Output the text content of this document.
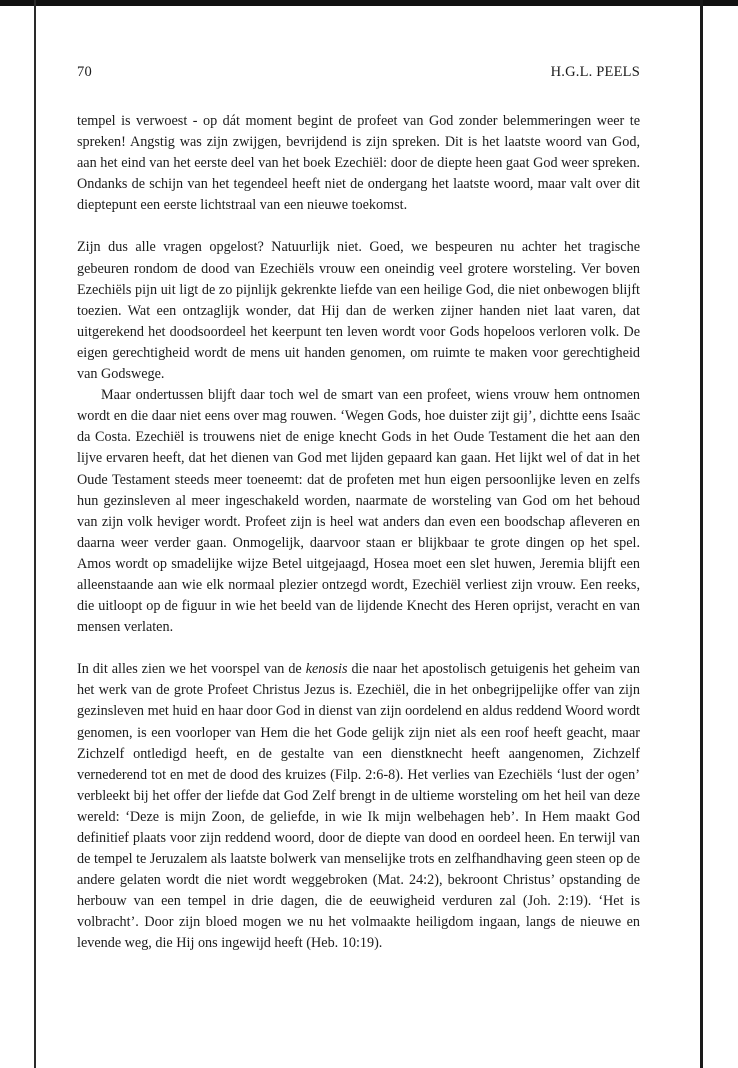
70	H.G.L. PEELS

tempel is verwoest - op dát moment begint de profeet van God zonder belemmeringen weer te spreken! Angstig was zijn zwijgen, bevrijdend is zijn spreken. Dit is het laatste woord van God, aan het eind van het eerste deel van het boek Ezechiël: door de diepte heen gaat God weer spreken. Ondanks de schijn van het tegendeel heeft niet de ondergang het laatste woord, maar valt over dit dieptepunt een eerste lichtstraal van een nieuwe toekomst.

Zijn dus alle vragen opgelost? Natuurlijk niet. Goed, we bespeuren nu achter het tragische gebeuren rondom de dood van Ezechiëls vrouw een oneindig veel grotere worsteling. Ver boven Ezechiëls pijn uit ligt de zo pijnlijk gekrenkte liefde van een heilige God, die niet onbewogen blijft toezien. Wat een ontzaglijk wonder, dat Hij dan de werken zijner handen niet laat varen, dat uitgerekend het doodsoordeel het keerpunt ten leven wordt voor Gods hopeloos verloren volk. De eigen gerechtigheid wordt de mens uit handen genomen, om ruimte te maken voor gerechtigheid van Godswege.

Maar ondertussen blijft daar toch wel de smart van een profeet, wiens vrouw hem ontnomen wordt en die daar niet eens over mag rouwen. ‘Wegen Gods, hoe duister zijt gij’, dichtte eens Isaäc da Costa. Ezechiël is trouwens niet de enige knecht Gods in het Oude Testament die het aan den lijve ervaren heeft, dat het dienen van God met lijden gepaard kan gaan. Het lijkt wel of dat in het Oude Testament steeds meer toeneemt: dat de profeten met hun eigen persoonlijke leven en zelfs hun gezinsleven al meer ingeschakeld worden, naarmate de worsteling van God om het behoud van zijn volk heviger wordt. Profeet zijn is heel wat anders dan even een boodschap afleveren en daarna weer verder gaan. Onmogelijk, daarvoor staan er blijkbaar te grote dingen op het spel. Amos wordt op smadelijke wijze Betel uitgejaagd, Hosea moet een slet huwen, Jeremia blijft een alleenstaande aan wie elk normaal plezier ontzegd wordt, Ezechiël verliest zijn vrouw. Een reeks, die uitloopt op de figuur in wie het beeld van de lijdende Knecht des Heren oprijst, veracht en van mensen verlaten.

In dit alles zien we het voorspel van de kenosis die naar het apostolisch getuigenis het geheim van het werk van de grote Profeet Christus Jezus is. Ezechiël, die in het onbegrijpelijke offer van zijn gezinsleven met huid en haar door God in dienst van zijn oordelend en aldus reddend Woord wordt genomen, is een voorloper van Hem die het Gode gelijk zijn niet als een roof heeft geacht, maar Zichzelf ontledigd heeft, en de gestalte van een dienstknecht heeft aangenomen, Zichzelf vernederend tot en met de dood des kruizes (Filp. 2:6-8). Het verlies van Ezechiëls ‘lust der ogen’ verbleekt bij het offer der liefde dat God Zelf brengt in de ultieme worsteling om het heil van deze wereld: ‘Deze is mijn Zoon, de geliefde, in wie Ik mijn welbehagen heb’. In Hem maakt God definitief plaats voor zijn reddend woord, door de diepte van dood en oordeel heen. En terwijl van de tempel te Jeruzalem als laatste bolwerk van menselijke trots en zelfhandhaving geen steen op de andere gelaten wordt die niet wordt weggebroken (Mat. 24:2), bekroont Christus’ opstanding de herbouw van een tempel in drie dagen, die de eeuwigheid verduren zal (Joh. 2:19). ‘Het is volbracht’. Door zijn bloed mogen we nu het volmaakte heiligdom ingaan, langs de nieuwe en levende weg, die Hij ons ingewijd heeft (Heb. 10:19).
